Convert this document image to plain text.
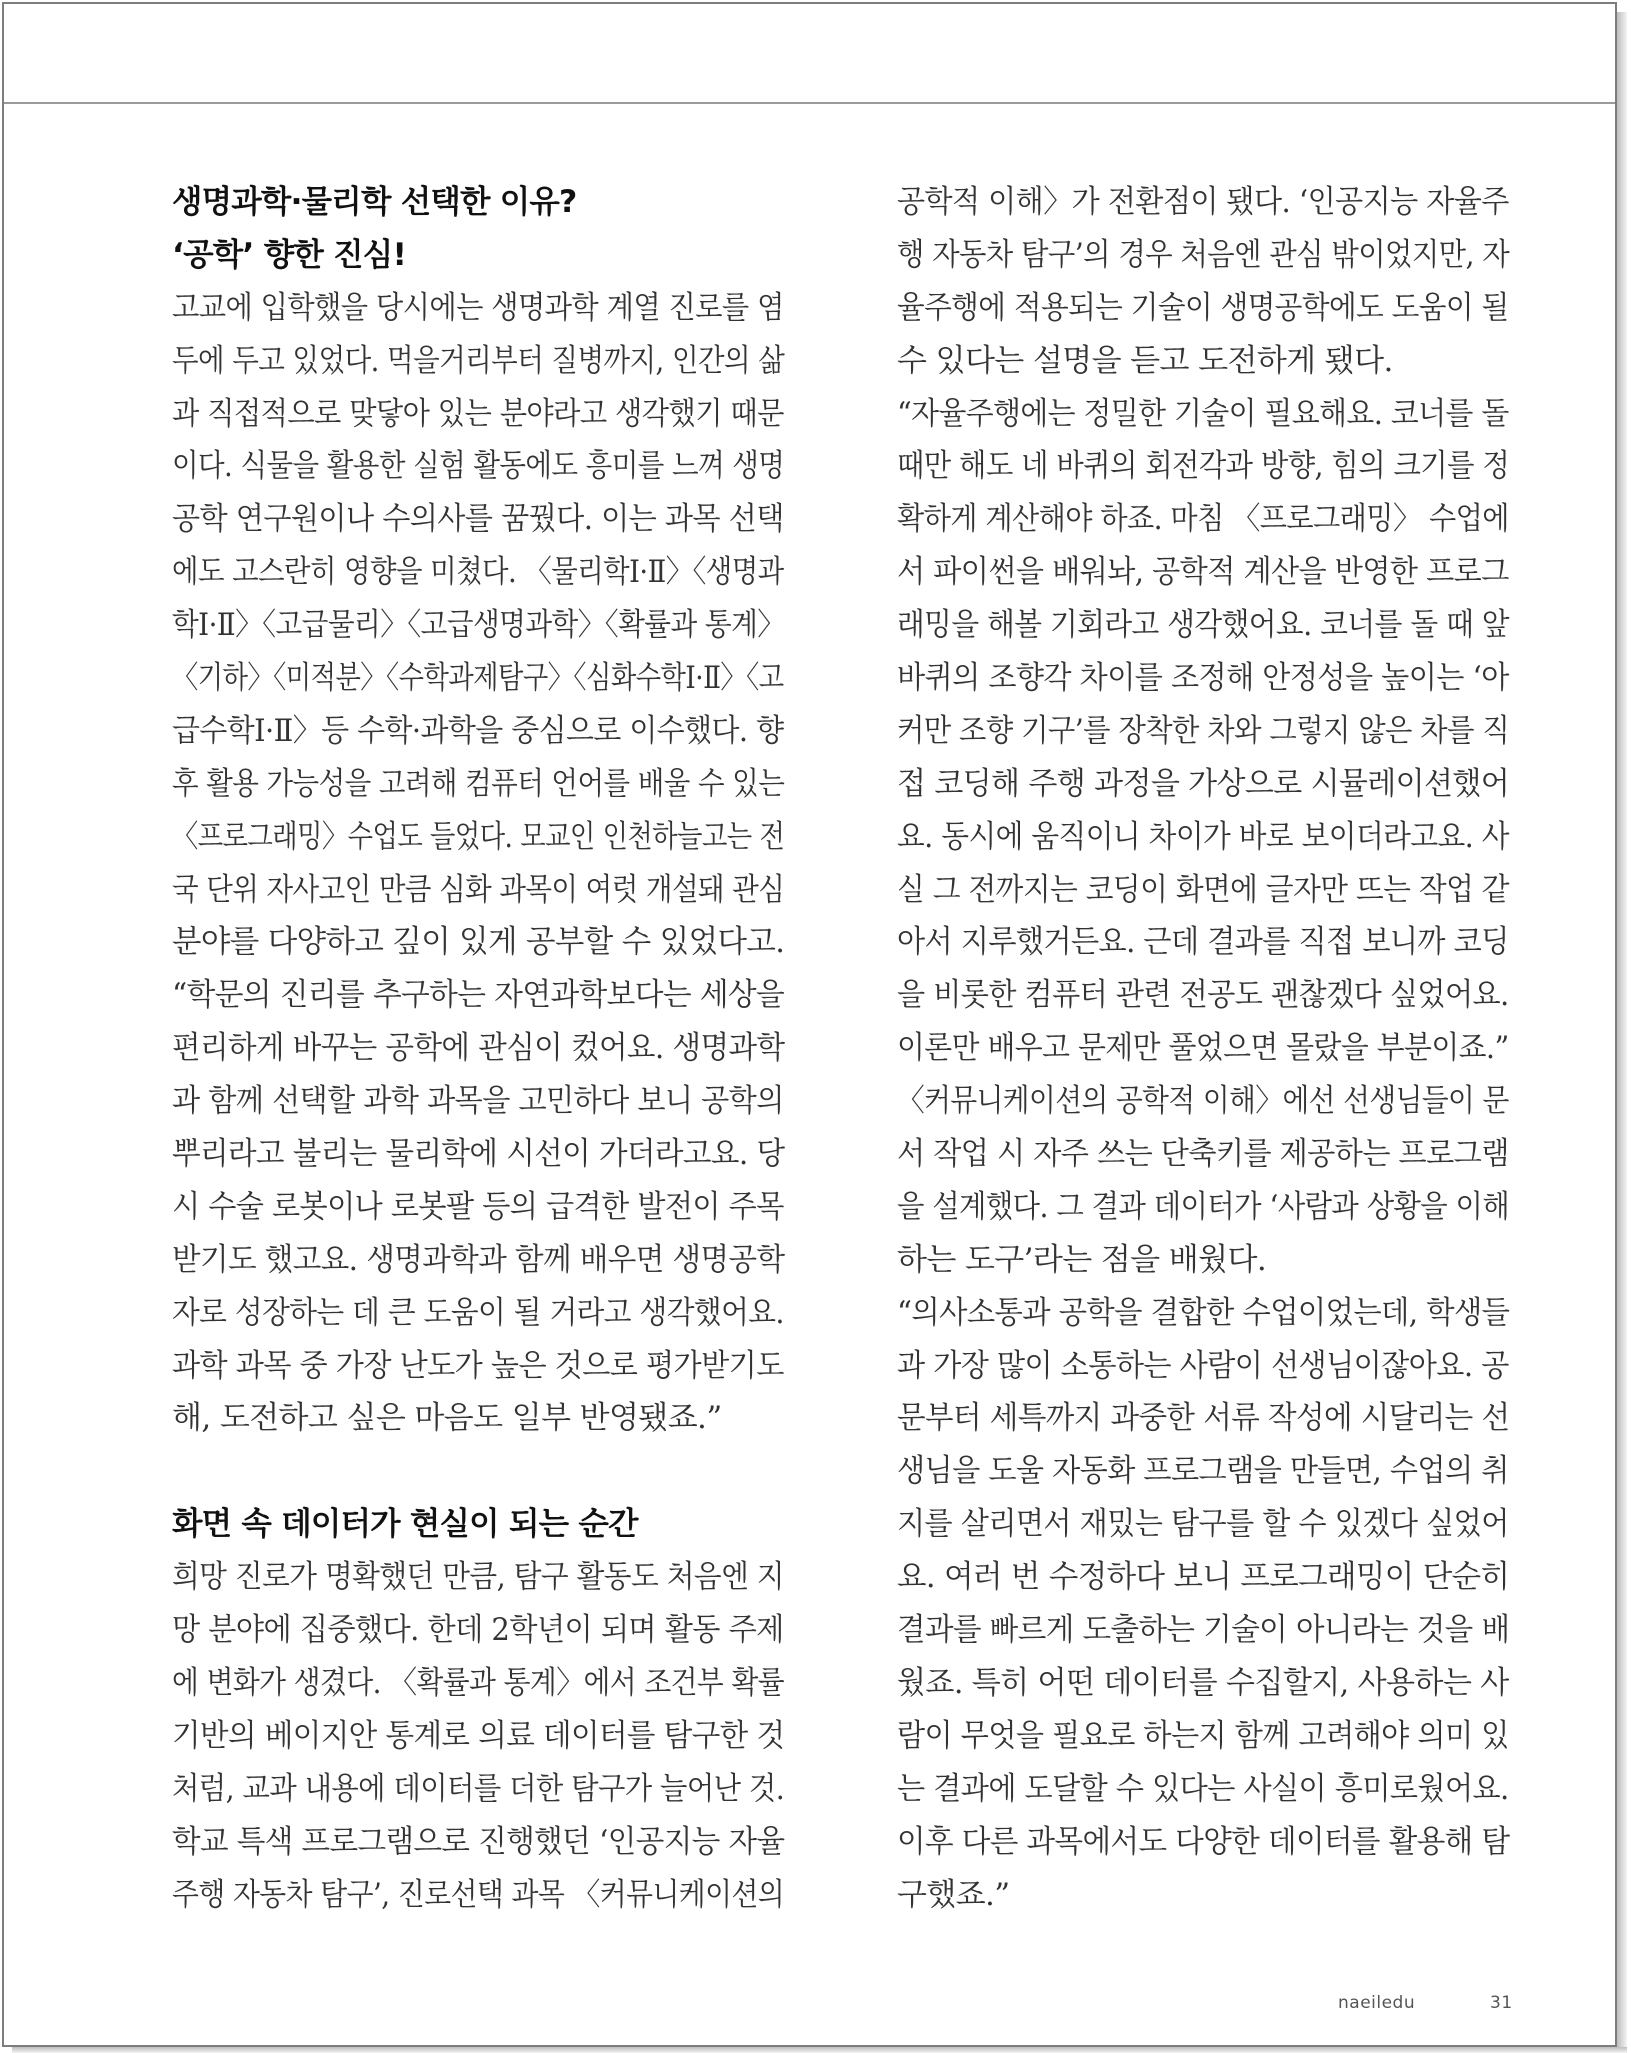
생명과학·물리학 선택한 이유?
‘공학’ 향한 진심!
고교에 입학했을 당시에는 생명과학 계열 진로를 염
두에 두고 있었다. 먹을거리부터 질병까지, 인간의 삶
과 직접적으로 맞닿아 있는 분야라고 생각했기 때문
이다. 식물을 활용한 실험 활동에도 흥미를 느껴 생명
공학 연구원이나 수의사를 꿈꿨다. 이는 과목 선택
에도 고스란히 영향을 미쳤다. 〈물리학Ⅰ·Ⅱ〉〈생명과
학Ⅰ·Ⅱ〉〈고급물리〉〈고급생명과학〉〈확률과 통계〉
〈기하〉〈미적분〉〈수학과제탐구〉〈심화수학Ⅰ·Ⅱ〉〈고
급수학Ⅰ·Ⅱ〉등 수학·과학을 중심으로 이수했다. 향
후 활용 가능성을 고려해 컴퓨터 언어를 배울 수 있는
〈프로그래밍〉수업도 들었다. 모교인 인천하늘고는 전
국 단위 자사고인 만큼 심화 과목이 여럿 개설돼 관심
분야를 다양하고 깊이 있게 공부할 수 있었다고.
“학문의 진리를 추구하는 자연과학보다는 세상을
편리하게 바꾸는 공학에 관심이 컸어요. 생명과학
과 함께 선택할 과학 과목을 고민하다 보니 공학의
뿌리라고 불리는 물리학에 시선이 가더라고요. 당
시 수술 로봇이나 로봇팔 등의 급격한 발전이 주목
받기도 했고요. 생명과학과 함께 배우면 생명공학
자로 성장하는 데 큰 도움이 될 거라고 생각했어요.
과학 과목 중 가장 난도가 높은 것으로 평가받기도
해, 도전하고 싶은 마음도 일부 반영됐죠.”
화면 속 데이터가 현실이 되는 순간
희망 진로가 명확했던 만큼, 탐구 활동도 처음엔 지
망 분야에 집중했다. 한데 2학년이 되며 활동 주제
에 변화가 생겼다. 〈확률과 통계〉에서 조건부 확률
기반의 베이지안 통계로 의료 데이터를 탐구한 것
처럼, 교과 내용에 데이터를 더한 탐구가 늘어난 것.
학교 특색 프로그램으로 진행했던 ‘인공지능 자율
주행 자동차 탐구’, 진로선택 과목 〈커뮤니케이션의
공학적 이해〉가 전환점이 됐다. ‘인공지능 자율주
행 자동차 탐구’의 경우 처음엔 관심 밖이었지만, 자
율주행에 적용되는 기술이 생명공학에도 도움이 될
수 있다는 설명을 듣고 도전하게 됐다.
“자율주행에는 정밀한 기술이 필요해요. 코너를 돌
때만 해도 네 바퀴의 회전각과 방향, 힘의 크기를 정
확하게 계산해야 하죠. 마침 〈프로그래밍〉 수업에
서 파이썬을 배워놔, 공학적 계산을 반영한 프로그
래밍을 해볼 기회라고 생각했어요. 코너를 돌 때 앞
바퀴의 조향각 차이를 조정해 안정성을 높이는 ‘아
커만 조향 기구’를 장착한 차와 그렇지 않은 차를 직
접 코딩해 주행 과정을 가상으로 시뮬레이션했어
요. 동시에 움직이니 차이가 바로 보이더라고요. 사
실 그 전까지는 코딩이 화면에 글자만 뜨는 작업 같
아서 지루했거든요. 근데 결과를 직접 보니까 코딩
을 비롯한 컴퓨터 관련 전공도 괜찮겠다 싶었어요.
이론만 배우고 문제만 풀었으면 몰랐을 부분이죠.”
〈커뮤니케이션의 공학적 이해〉에선 선생님들이 문
서 작업 시 자주 쓰는 단축키를 제공하는 프로그램
을 설계했다. 그 결과 데이터가 ‘사람과 상황을 이해
하는 도구’라는 점을 배웠다.
“의사소통과 공학을 결합한 수업이었는데, 학생들
과 가장 많이 소통하는 사람이 선생님이잖아요. 공
문부터 세특까지 과중한 서류 작성에 시달리는 선
생님을 도울 자동화 프로그램을 만들면, 수업의 취
지를 살리면서 재밌는 탐구를 할 수 있겠다 싶었어
요. 여러 번 수정하다 보니 프로그래밍이 단순히
결과를 빠르게 도출하는 기술이 아니라는 것을 배
웠죠. 특히 어떤 데이터를 수집할지, 사용하는 사
람이 무엇을 필요로 하는지 함께 고려해야 의미 있
는 결과에 도달할 수 있다는 사실이 흥미로웠어요.
이후 다른 과목에서도 다양한 데이터를 활용해 탐
구했죠.”
naeiledu	31
